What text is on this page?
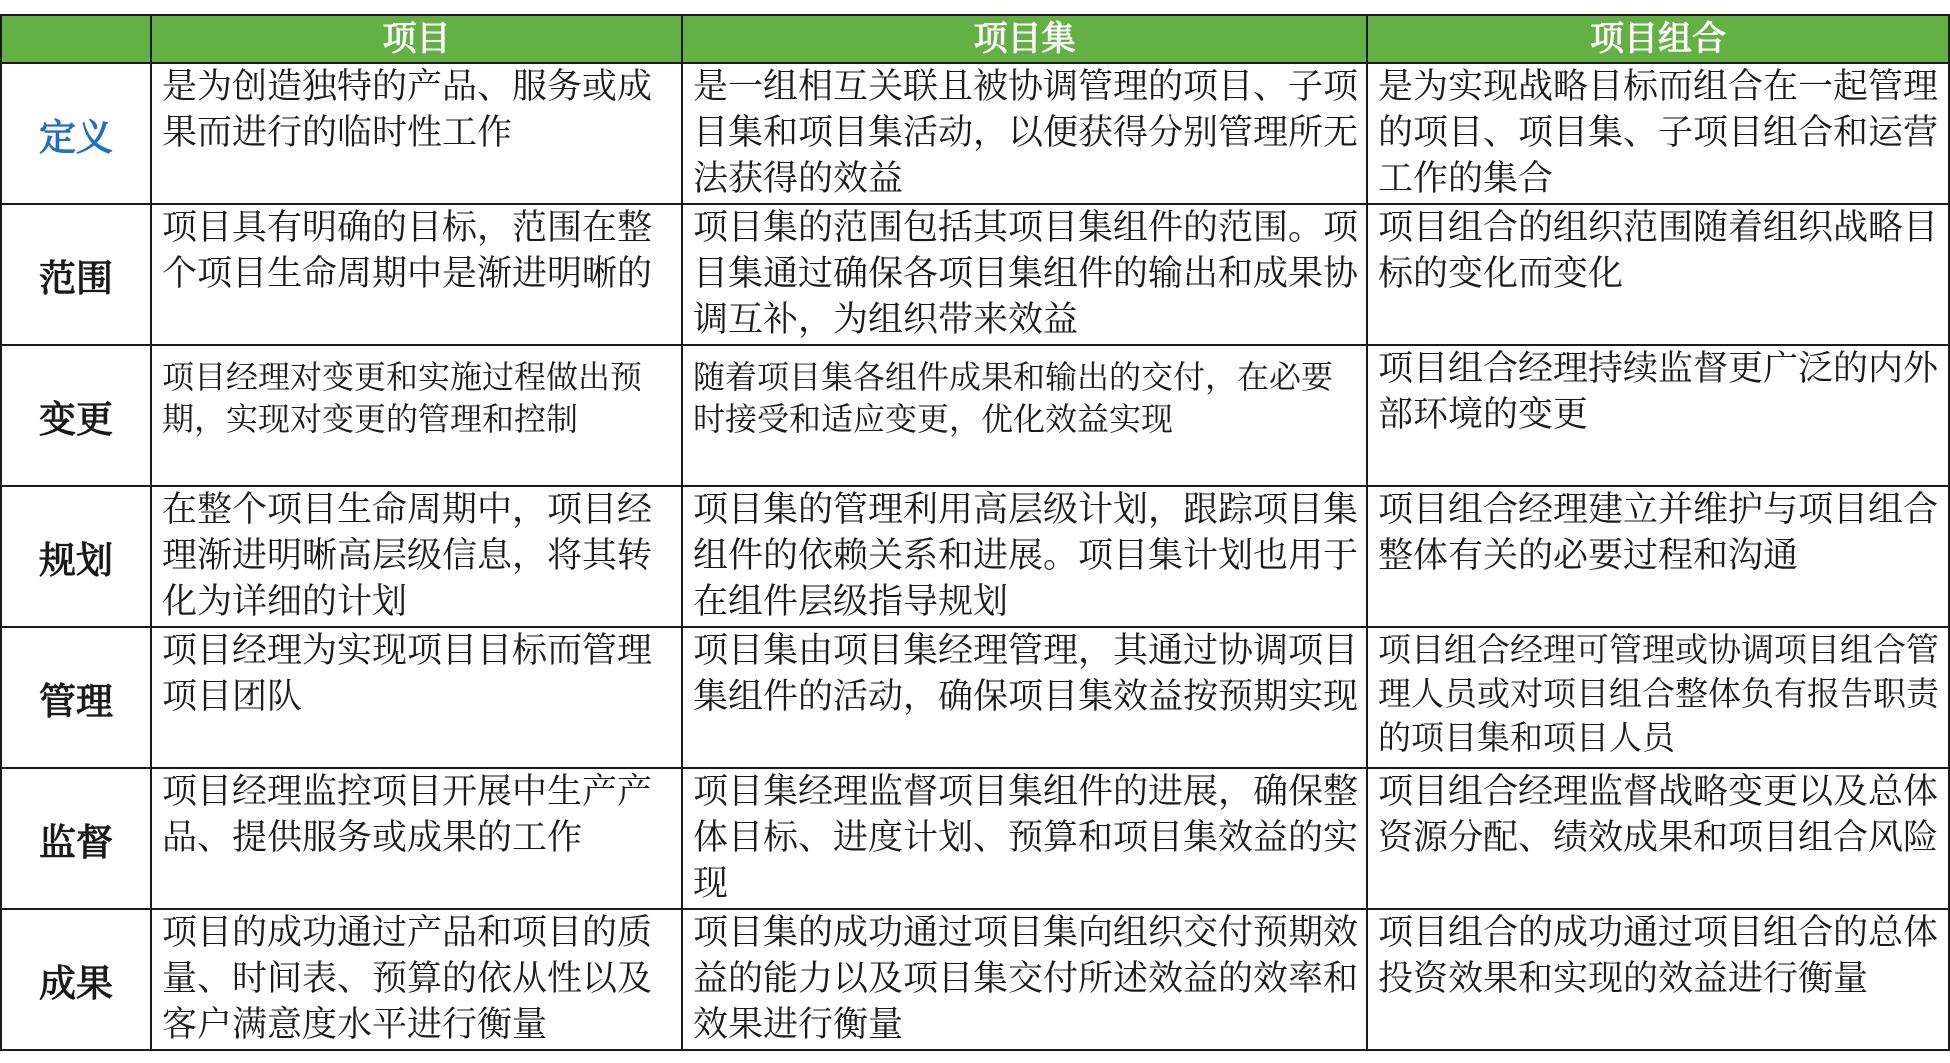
	项目	项目集	项目组合
定义	是为创造独特的产品、服务或成果而进行的临时性工作	是一组相互关联且被协调管理的项目、子项目集和项目集活动，以便获得分别管理所无法获得的效益	是为实现战略目标而组合在一起管理的项目、项目集、子项目组合和运营工作的集合
范围	项目具有明确的目标，范围在整个项目生命周期中是渐进明晰的	项目集的范围包括其项目集组件的范围。项目集通过确保各项目集组件的输出和成果协调互补，为组织带来效益	项目组合的组织范围随着组织战略目标的变化而变化
变更	项目经理对变更和实施过程做出预期，实现对变更的管理和控制	随着项目集各组件成果和输出的交付，在必要时接受和适应变更，优化效益实现	项目组合经理持续监督更广泛的内外部环境的变更
规划	在整个项目生命周期中，项目经理渐进明晰高层级信息，将其转化为详细的计划	项目集的管理利用高层级计划，跟踪项目集组件的依赖关系和进展。项目集计划也用于在组件层级指导规划	项目组合经理建立并维护与项目组合整体有关的必要过程和沟通
管理	项目经理为实现项目目标而管理项目团队	项目集由项目集经理管理，其通过协调项目集组件的活动，确保项目集效益按预期实现	项目组合经理可管理或协调项目组合管理人员或对项目组合整体负有报告职责的项目集和项目人员
监督	项目经理监控项目开展中生产产品、提供服务或成果的工作	项目集经理监督项目集组件的进展，确保整体目标、进度计划、预算和项目集效益的实现	项目组合经理监督战略变更以及总体资源分配、绩效成果和项目组合风险
成果	项目的成功通过产品和项目的质量、时间表、预算的依从性以及客户满意度水平进行衡量	项目集的成功通过项目集向组织交付预期效益的能力以及项目集交付所述效益的效率和效果进行衡量	项目组合的成功通过项目组合的总体投资效果和实现的效益进行衡量
